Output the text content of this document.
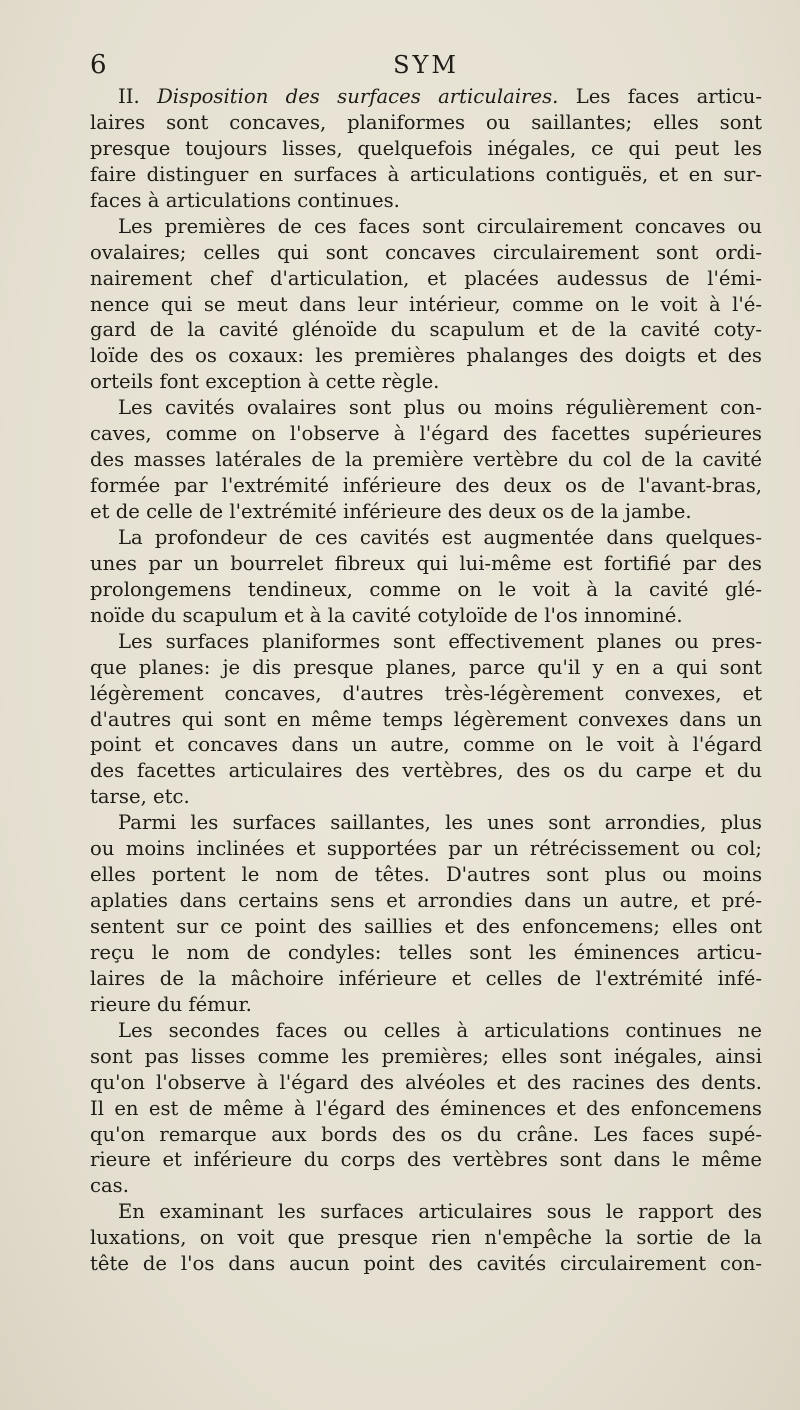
6	SYM
II. Disposition des surfaces articulaires. Les faces articu-
laires sont concaves, planiformes ou saillantes; elles sont
presque toujours lisses, quelquefois inégales, ce qui peut les
faire distinguer en surfaces à articulations contiguës, et en sur-
faces à articulations continues.
Les premières de ces faces sont circulairement concaves ou
ovalaires; celles qui sont concaves circulairement sont ordi-
nairement chef d'articulation, et placées audessus de l'émi-
nence qui se meut dans leur intérieur, comme on le voit à l'é-
gard de la cavité glénoïde du scapulum et de la cavité coty-
loïde des os coxaux: les premières phalanges des doigts et des
orteils font exception à cette règle.
Les cavités ovalaires sont plus ou moins régulièrement con-
caves, comme on l'observe à l'égard des facettes supérieures
des masses latérales de la première vertèbre du col de la cavité
formée par l'extrémité inférieure des deux os de l'avant-bras,
et de celle de l'extrémité inférieure des deux os de la jambe.
La profondeur de ces cavités est augmentée dans quelques-
unes par un bourrelet fibreux qui lui-même est fortifié par des
prolongemens tendineux, comme on le voit à la cavité glé-
noïde du scapulum et à la cavité cotyloïde de l'os innominé.
Les surfaces planiformes sont effectivement planes ou pres-
que planes: je dis presque planes, parce qu'il y en a qui sont
légèrement concaves, d'autres très-légèrement convexes, et
d'autres qui sont en même temps légèrement convexes dans un
point et concaves dans un autre, comme on le voit à l'égard
des facettes articulaires des vertèbres, des os du carpe et du
tarse, etc.
Parmi les surfaces saillantes, les unes sont arrondies, plus
ou moins inclinées et supportées par un rétrécissement ou col;
elles portent le nom de têtes. D'autres sont plus ou moins
aplaties dans certains sens et arrondies dans un autre, et pré-
sentent sur ce point des saillies et des enfoncemens; elles ont
reçu le nom de condyles: telles sont les éminences articu-
laires de la mâchoire inférieure et celles de l'extrémité infé-
rieure du fémur.
Les secondes faces ou celles à articulations continues ne
sont pas lisses comme les premières; elles sont inégales, ainsi
qu'on l'observe à l'égard des alvéoles et des racines des dents.
Il en est de même à l'égard des éminences et des enfoncemens
qu'on remarque aux bords des os du crâne. Les faces supé-
rieure et inférieure du corps des vertèbres sont dans le même
cas.
En examinant les surfaces articulaires sous le rapport des
luxations, on voit que presque rien n'empêche la sortie de la
tête de l'os dans aucun point des cavités circulairement con-
